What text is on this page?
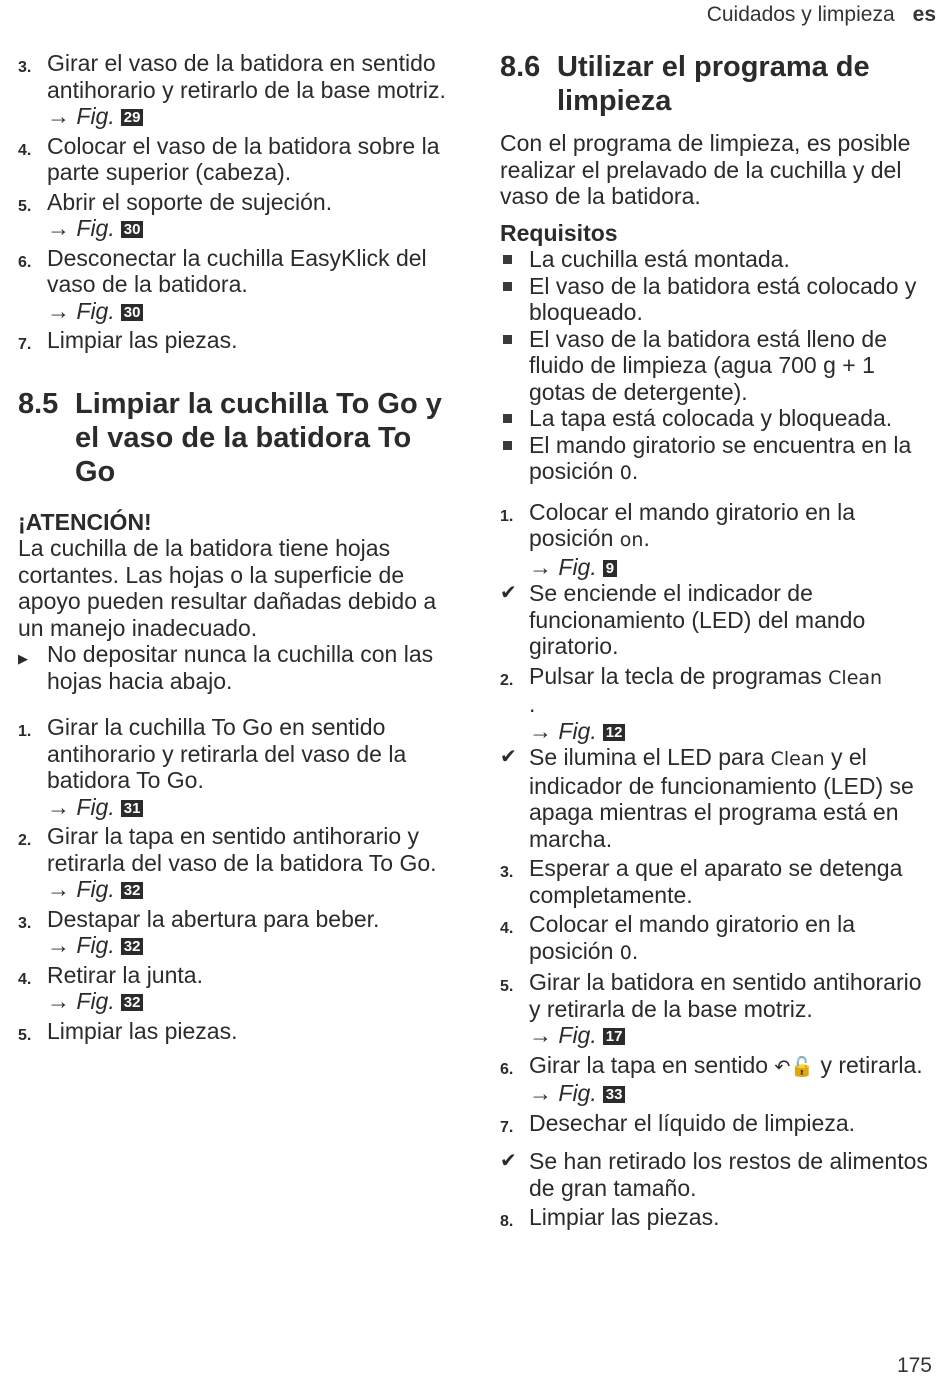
Cuidados y limpieza es
3. Girar el vaso de la batidora en sentido antihorario y retirarlo de la base motriz.
→ Fig. 29
4. Colocar el vaso de la batidora sobre la parte superior (cabeza).
5. Abrir el soporte de sujeción.
→ Fig. 30
6. Desconectar la cuchilla EasyKlick del vaso de la batidora.
→ Fig. 30
7. Limpiar las piezas.
8.5 Limpiar la cuchilla To Go y el vaso de la batidora To Go
¡ATENCIÓN!
La cuchilla de la batidora tiene hojas cortantes. Las hojas o la superficie de apoyo pueden resultar dañadas debido a un manejo inadecuado.
▶ No depositar nunca la cuchilla con las hojas hacia abajo.
1. Girar la cuchilla To Go en sentido antihorario y retirarla del vaso de la batidora To Go.
→ Fig. 31
2. Girar la tapa en sentido antihorario y retirarla del vaso de la batidora To Go.
→ Fig. 32
3. Destapar la abertura para beber.
→ Fig. 32
4. Retirar la junta.
→ Fig. 32
5. Limpiar las piezas.
8.6 Utilizar el programa de limpieza
Con el programa de limpieza, es posible realizar el prelavado de la cuchilla y del vaso de la batidora.
Requisitos
La cuchilla está montada.
El vaso de la batidora está colocado y bloqueado.
El vaso de la batidora está lleno de fluido de limpieza (agua 700 g + 1 gotas de detergente).
La tapa está colocada y bloqueada.
El mando giratorio se encuentra en la posición 0.
1. Colocar el mando giratorio en la posición on.
→ Fig. 9
✔ Se enciende el indicador de funcionamiento (LED) del mando giratorio.
2. Pulsar la tecla de programas Clean
.
→ Fig. 12
✔ Se ilumina el LED para Clean y el indicador de funcionamiento (LED) se apaga mientras el programa está en marcha.
3. Esperar a que el aparato se detenga completamente.
4. Colocar el mando giratorio en la posición 0.
5. Girar la batidora en sentido antihorario y retirarla de la base motriz.
→ Fig. 17
6. Girar la tapa en sentido ↶🔓 y retirarla.
→ Fig. 33
7. Desechar el líquido de limpieza.
✔ Se han retirado los restos de alimentos de gran tamaño.
8. Limpiar las piezas.
175
